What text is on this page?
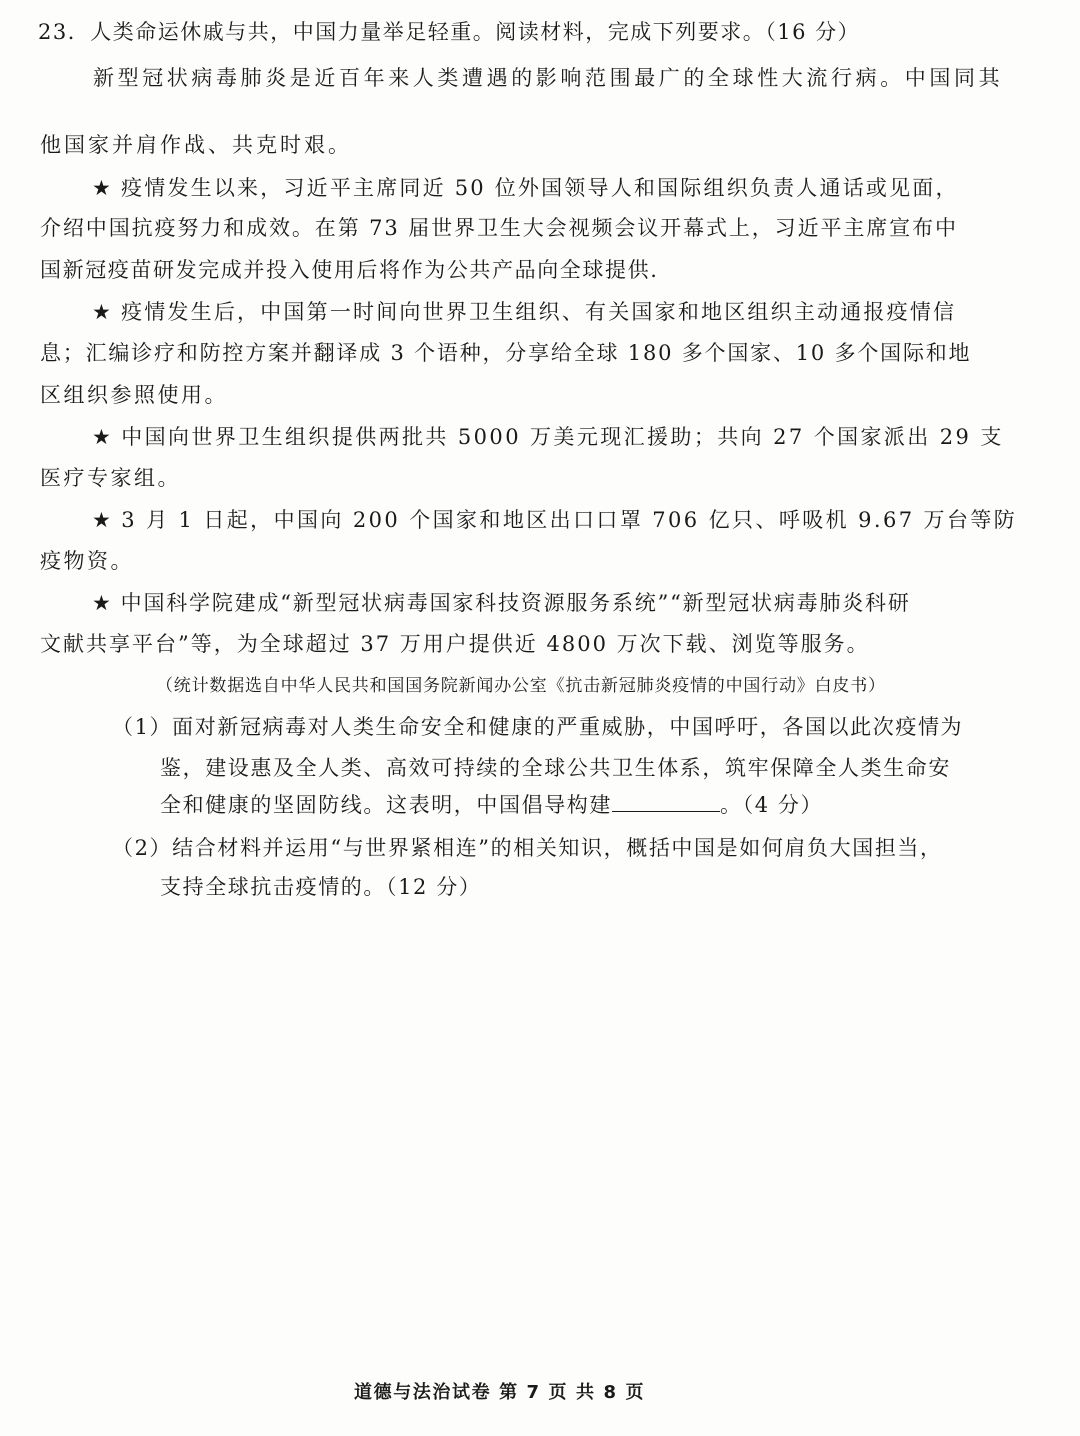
23．人类命运休戚与共，中国力量举足轻重。阅读材料，完成下列要求。（16 分）
新型冠状病毒肺炎是近百年来人类遭遇的影响范围最广的全球性大流行病。中国同其
他国家并肩作战、共克时艰。
★ 疫情发生以来，习近平主席同近 50 位外国领导人和国际组织负责人通话或见面，
介绍中国抗疫努力和成效。在第 73 届世界卫生大会视频会议开幕式上，习近平主席宣布中
国新冠疫苗研发完成并投入使用后将作为公共产品向全球提供.
★ 疫情发生后，中国第一时间向世界卫生组织、有关国家和地区组织主动通报疫情信
息；汇编诊疗和防控方案并翻译成 3 个语种，分享给全球 180 多个国家、10 多个国际和地
区组织参照使用。
★ 中国向世界卫生组织提供两批共 5000 万美元现汇援助；共向 27 个国家派出 29 支
医疗专家组。
★ 3 月 1 日起，中国向 200 个国家和地区出口口罩 706 亿只、呼吸机 9.67 万台等防
疫物资。
★ 中国科学院建成“新型冠状病毒国家科技资源服务系统”“新型冠状病毒肺炎科研
文献共享平台”等，为全球超过 37 万用户提供近 4800 万次下载、浏览等服务。
（统计数据选自中华人民共和国国务院新闻办公室《抗击新冠肺炎疫情的中国行动》白皮书）
（1）面对新冠病毒对人类生命安全和健康的严重威胁，中国呼吁，各国以此次疫情为
鉴，建设惠及全人类、高效可持续的全球公共卫生体系，筑牢保障全人类生命安
全和健康的坚固防线。这表明，中国倡导构建	。（4 分）
（2）结合材料并运用“与世界紧相连”的相关知识，概括中国是如何肩负大国担当，
支持全球抗击疫情的。（12 分）
道德与法治试卷 第 7 页 共 8 页
